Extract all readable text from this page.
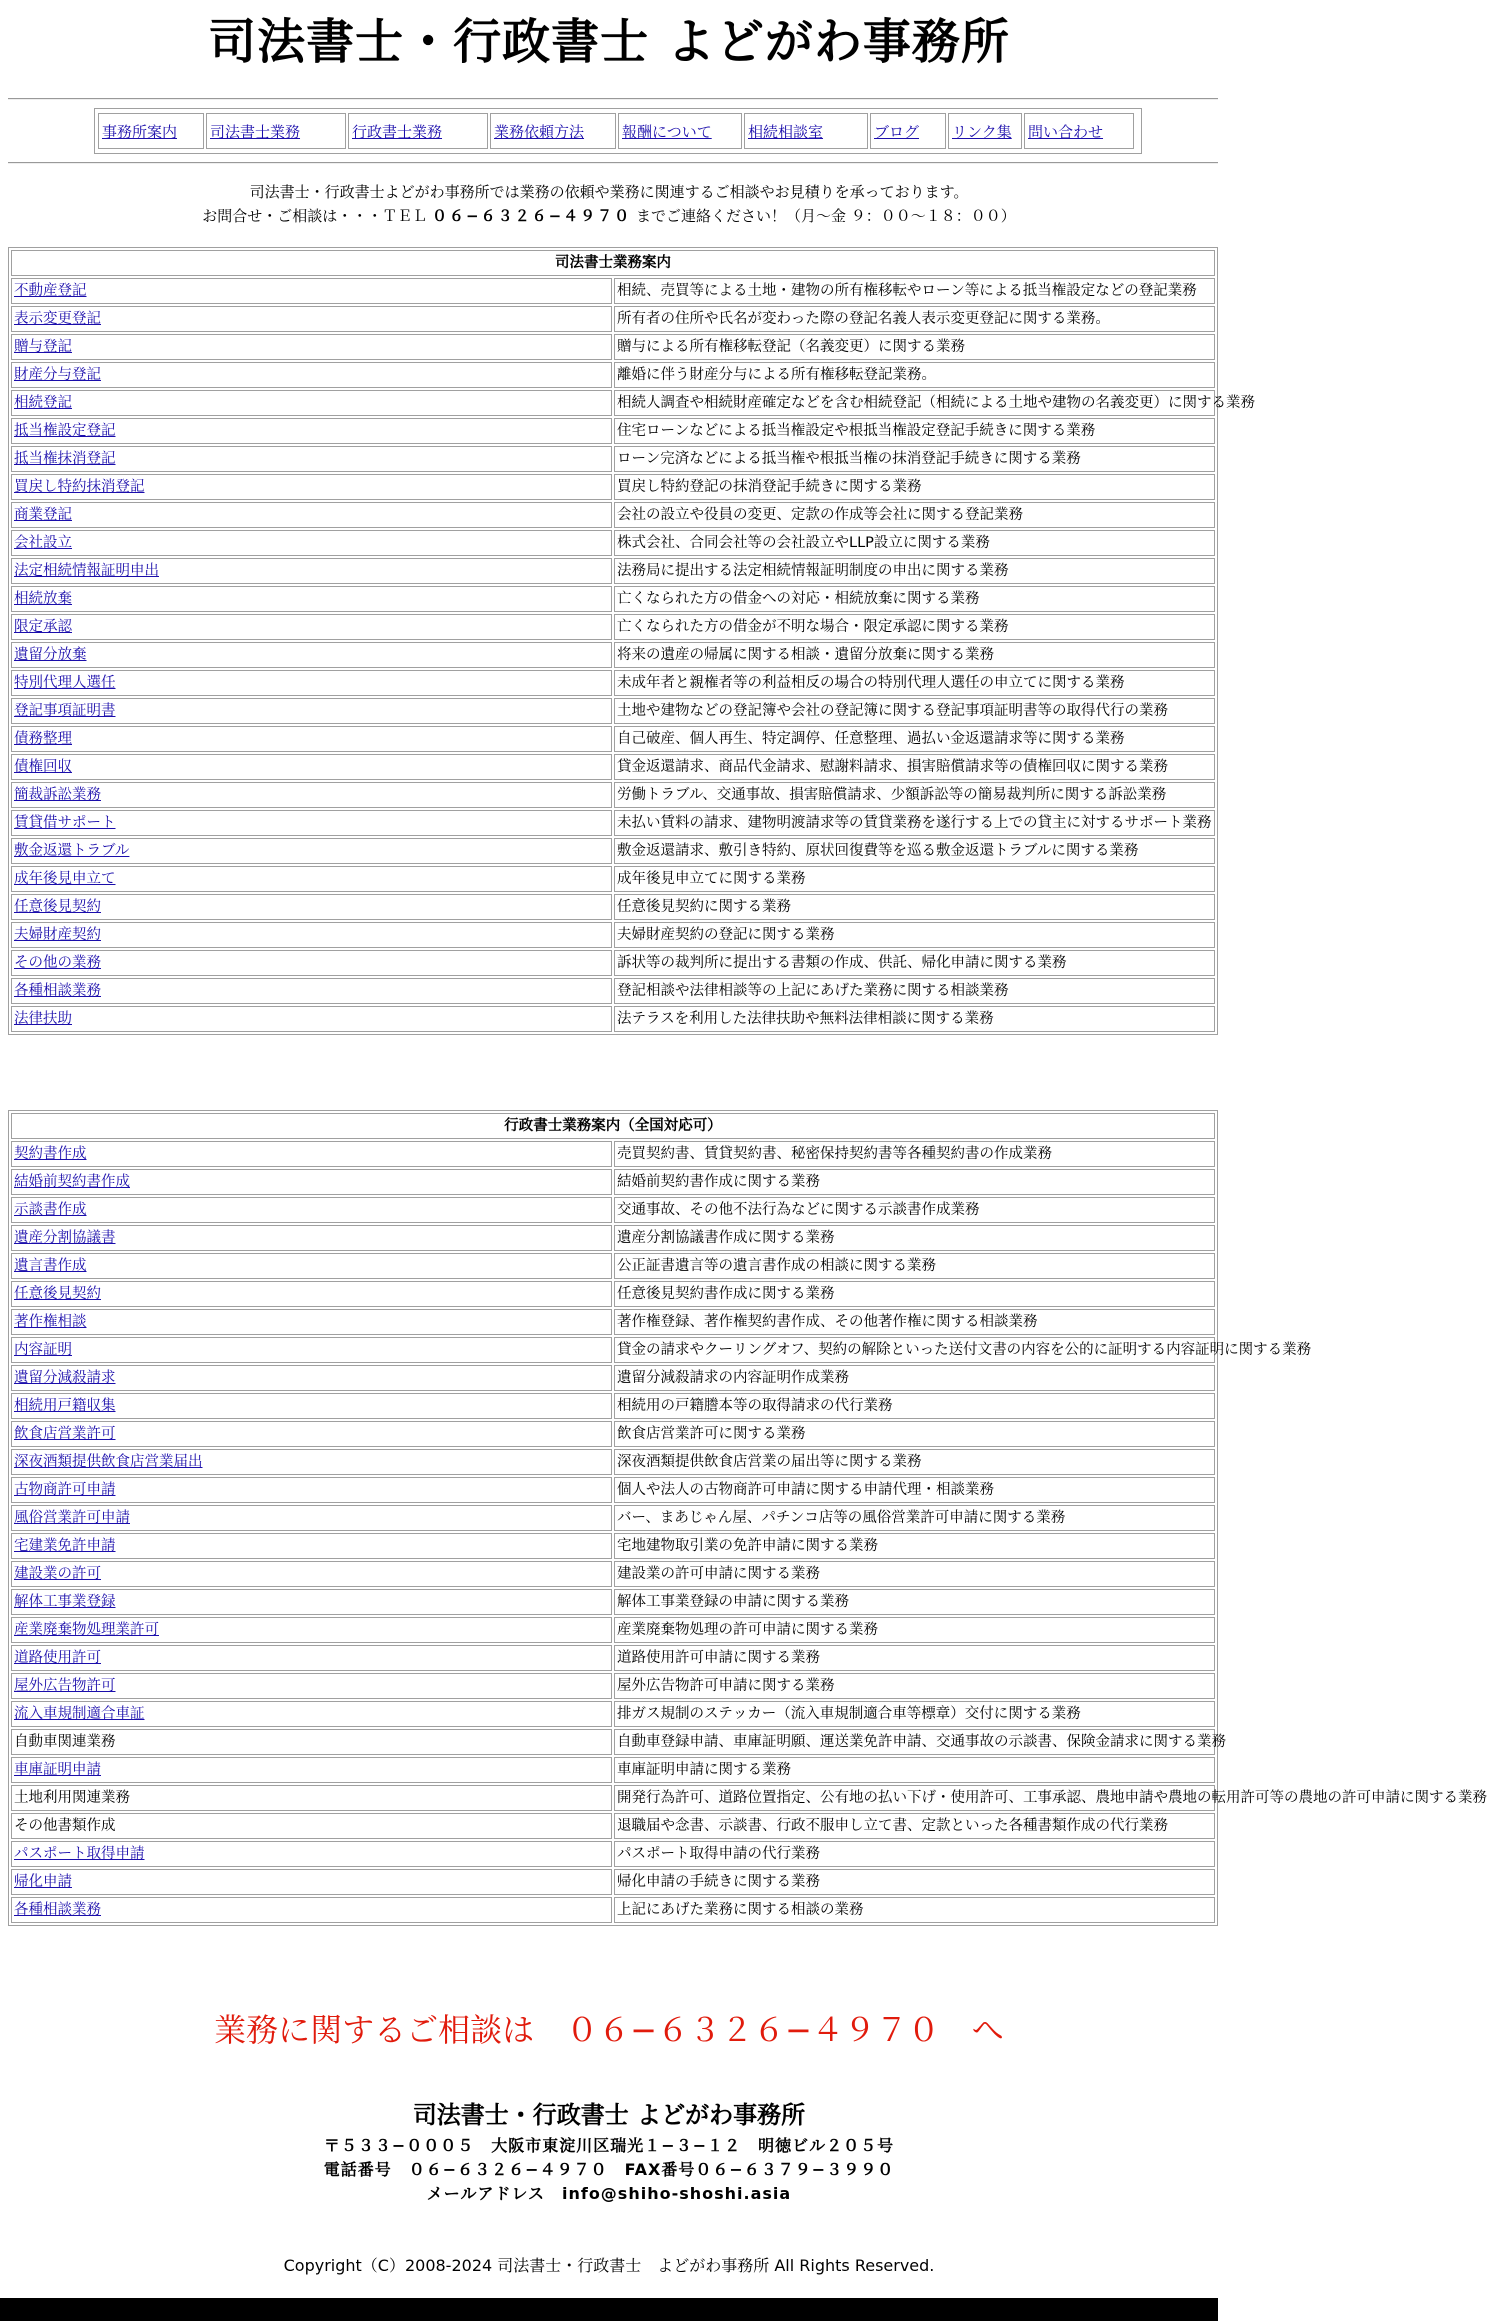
司法書士・行政書士 よどがわ事務所
事務所案内	司法書士業務	行政書士業務	業務依頼方法	報酬について	相続相談室	ブログ	リンク集	問い合わせ
司法書士・行政書士よどがわ事務所では業務の依頼や業務に関連するご相談やお見積りを承っております。
お問合せ・ご相談は・・・ＴＥＬ ０６−６３２６−４９７０ までご連絡ください！（月〜金 ９：００〜１８：００）
司法書士業務案内	
不動産登記	相続、売買等による土地・建物の所有権移転やローン等による抵当権設定などの登記業務
表示変更登記	所有者の住所や氏名が変わった際の登記名義人表示変更登記に関する業務。
贈与登記	贈与による所有権移転登記（名義変更）に関する業務
財産分与登記	離婚に伴う財産分与による所有権移転登記業務。
相続登記	相続人調査や相続財産確定などを含む相続登記（相続による土地や建物の名義変更）に関する業務
抵当権設定登記	住宅ローンなどによる抵当権設定や根抵当権設定登記手続きに関する業務
抵当権抹消登記	ローン完済などによる抵当権や根抵当権の抹消登記手続きに関する業務
買戻し特約抹消登記	買戻し特約登記の抹消登記手続きに関する業務
商業登記	会社の設立や役員の変更、定款の作成等会社に関する登記業務
会社設立	株式会社、合同会社等の会社設立やLLP設立に関する業務
法定相続情報証明申出	法務局に提出する法定相続情報証明制度の申出に関する業務
相続放棄	亡くなられた方の借金への対応・相続放棄に関する業務
限定承認	亡くなられた方の借金が不明な場合・限定承認に関する業務
遺留分放棄	将来の遺産の帰属に関する相談・遺留分放棄に関する業務
特別代理人選任	未成年者と親権者等の利益相反の場合の特別代理人選任の申立てに関する業務
登記事項証明書	土地や建物などの登記簿や会社の登記簿に関する登記事項証明書等の取得代行の業務
債務整理	自己破産、個人再生、特定調停、任意整理、過払い金返還請求等に関する業務
債権回収	貸金返還請求、商品代金請求、慰謝料請求、損害賠償請求等の債権回収に関する業務
簡裁訴訟業務	労働トラブル、交通事故、損害賠償請求、少額訴訟等の簡易裁判所に関する訴訟業務
賃貸借サポート	未払い賃料の請求、建物明渡請求等の賃貸業務を遂行する上での貸主に対するサポート業務
敷金返還トラブル	敷金返還請求、敷引き特約、原状回復費等を巡る敷金返還トラブルに関する業務
成年後見申立て	成年後見申立てに関する業務
任意後見契約	任意後見契約に関する業務
夫婦財産契約	夫婦財産契約の登記に関する業務
その他の業務	訴状等の裁判所に提出する書類の作成、供託、帰化申請に関する業務
各種相談業務	登記相談や法律相談等の上記にあげた業務に関する相談業務
法律扶助	法テラスを利用した法律扶助や無料法律相談に関する業務
行政書士業務案内（全国対応可）	
契約書作成	売買契約書、賃貸契約書、秘密保持契約書等各種契約書の作成業務
結婚前契約書作成	結婚前契約書作成に関する業務
示談書作成	交通事故、その他不法行為などに関する示談書作成業務
遺産分割協議書	遺産分割協議書作成に関する業務
遺言書作成	公正証書遺言等の遺言書作成の相談に関する業務
任意後見契約	任意後見契約書作成に関する業務
著作権相談	著作権登録、著作権契約書作成、その他著作権に関する相談業務
内容証明	貸金の請求やクーリングオフ、契約の解除といった送付文書の内容を公的に証明する内容証明に関する業務
遺留分減殺請求	遺留分減殺請求の内容証明作成業務
相続用戸籍収集	相続用の戸籍謄本等の取得請求の代行業務
飲食店営業許可	飲食店営業許可に関する業務
深夜酒類提供飲食店営業届出	深夜酒類提供飲食店営業の届出等に関する業務
古物商許可申請	個人や法人の古物商許可申請に関する申請代理・相談業務
風俗営業許可申請	バー、まあじゃん屋、パチンコ店等の風俗営業許可申請に関する業務
宅建業免許申請	宅地建物取引業の免許申請に関する業務
建設業の許可	建設業の許可申請に関する業務
解体工事業登録	解体工事業登録の申請に関する業務
産業廃棄物処理業許可	産業廃棄物処理の許可申請に関する業務
道路使用許可	道路使用許可申請に関する業務
屋外広告物許可	屋外広告物許可申請に関する業務
流入車規制適合車証	排ガス規制のステッカー（流入車規制適合車等標章）交付に関する業務
自動車関連業務	自動車登録申請、車庫証明願、運送業免許申請、交通事故の示談書、保険金請求に関する業務
車庫証明申請	車庫証明申請に関する業務
土地利用関連業務	開発行為許可、道路位置指定、公有地の払い下げ・使用許可、工事承認、農地申請や農地の転用許可等の農地の許可申請に関する業務
その他書類作成	退職届や念書、示談書、行政不服申し立て書、定款といった各種書類作成の代行業務
パスポート取得申請	パスポート取得申請の代行業務
帰化申請	帰化申請の手続きに関する業務
各種相談業務	上記にあげた業務に関する相談の業務
業務に関するご相談は　０６−６３２６−４９７０　へ
司法書士・行政書士 よどがわ事務所
〒５３３−０００５　大阪市東淀川区瑞光１−３−１２　明徳ビル２０５号
電話番号　０６−６３２６−４９７０　FAX番号０６−６３７９−３９９０
メールアドレス　info@shiho-shoshi.asia
Copyright（C）2008-2024 司法書士・行政書士　よどがわ事務所 All Rights Reserved.
